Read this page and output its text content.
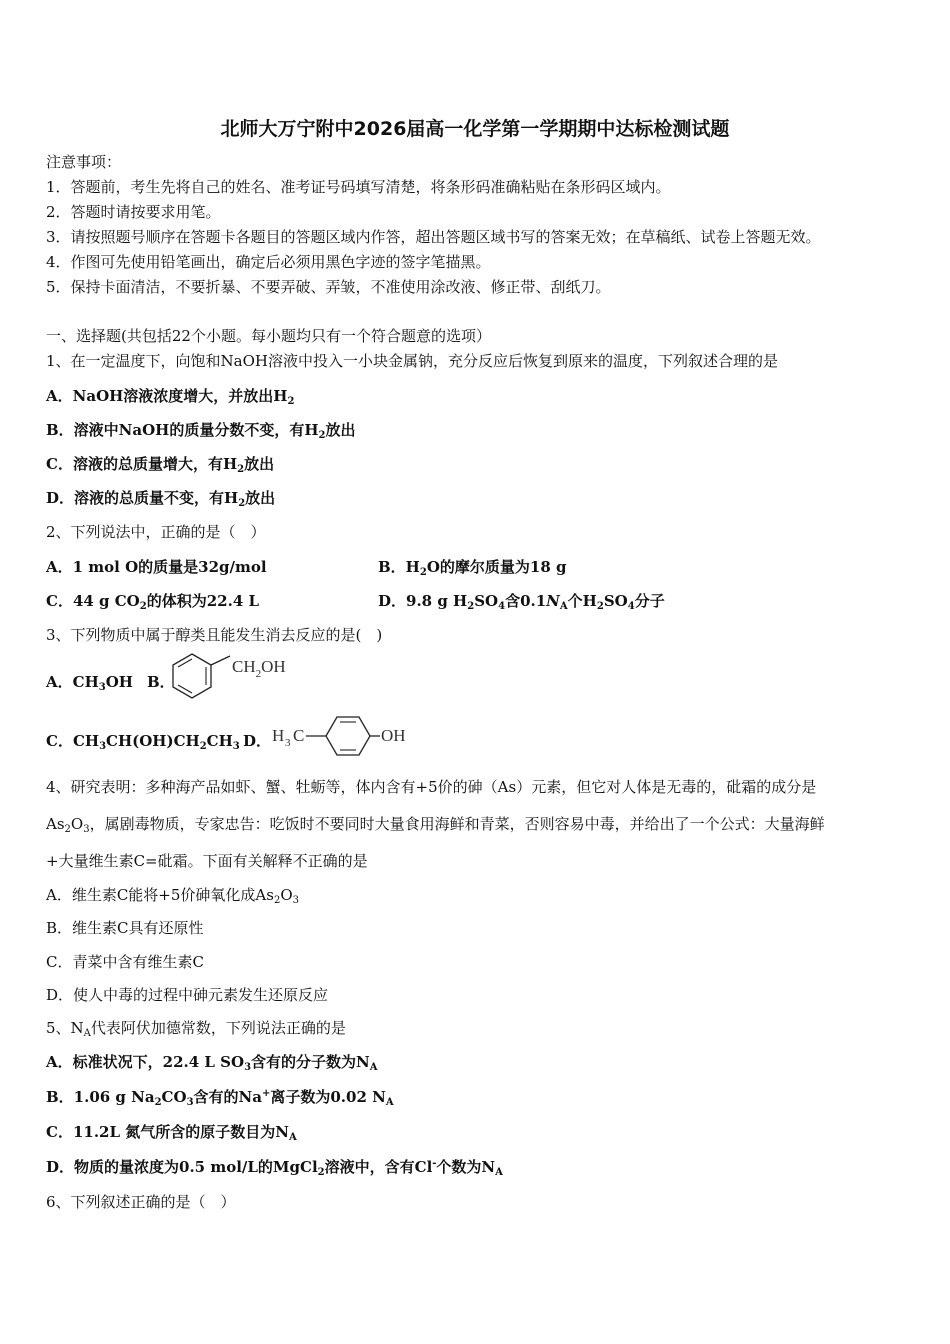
北师大万宁附中2026届高一化学第一学期期中达标检测试题
注意事项：
1．答题前，考生先将自己的姓名、准考证号码填写清楚，将条形码准确粘贴在条形码区域内。
2．答题时请按要求用笔。
3．请按照题号顺序在答题卡各题目的答题区域内作答，超出答题区域书写的答案无效；在草稿纸、试卷上答题无效。
4．作图可先使用铅笔画出，确定后必须用黑色字迹的签字笔描黑。
5．保持卡面清洁，不要折暴、不要弄破、弄皱，不准使用涂改液、修正带、刮纸刀。
一、选择题(共包括22个小题。每小题均只有一个符合题意的选项）
1、在一定温度下，向饱和NaOH溶液中投入一小块金属钠，充分反应后恢复到原来的温度，下列叙述合理的是
A．NaOH溶液浓度增大，并放出$H_2$
B．溶液中NaOH的质量分数不变，有$H_2$放出
C．溶液的总质量增大，有$H_2$放出
D．溶液的总质量不变，有$H_2$放出
2、下列说法中，正确的是（　）
A．1 mol O的质量是32g/mol	B．$H_2O$的摩尔质量为18 g
C．44 g $CO_2$的体积为22.4 L	D．9.8 g $H_2SO_4$含$0.1N_A$个$H_2SO_4$分子
3、下列物质中属于醇类且能发生消去反应的是(　)
A．$CH_3OH$ B．
$CH_2OH$
C．$CH_3CH(OH)CH_2CH_3$ D． H 3 C	OH
4、研究表明：多种海产品如虾、蟹、牡蛎等，体内含有+5价的砷（As）元素，但它对人体是无毒的，砒霜的成分是
$As_2O_3$，属剧毒物质，专家忠告：吃饭时不要同时大量食用海鲜和青菜，否则容易中毒，并给出了一个公式：大量海鲜
+大量维生素C=砒霜。下面有关解释不正确的是
A．维生素C能将+5价砷氧化成$As_2O_3$
B．维生素C具有还原性
C．青菜中含有维生素C
D．使人中毒的过程中砷元素发生还原反应
5、$N_A$代表阿伏加德常数，下列说法正确的是
A．标准状况下，22.4 L $SO_3$含有的分子数为$N_A$
B．1.06 g $Na_2CO_3$含有的Na+离子数为0.02 $N_A$
C．11.2L 氮气所含的原子数目为$N_A$
D．物质的量浓度为0.5 mol/L的MgCl$_2$溶液中，含有Cl-个数为$N_A$
6、下列叙述正确的是（　）
